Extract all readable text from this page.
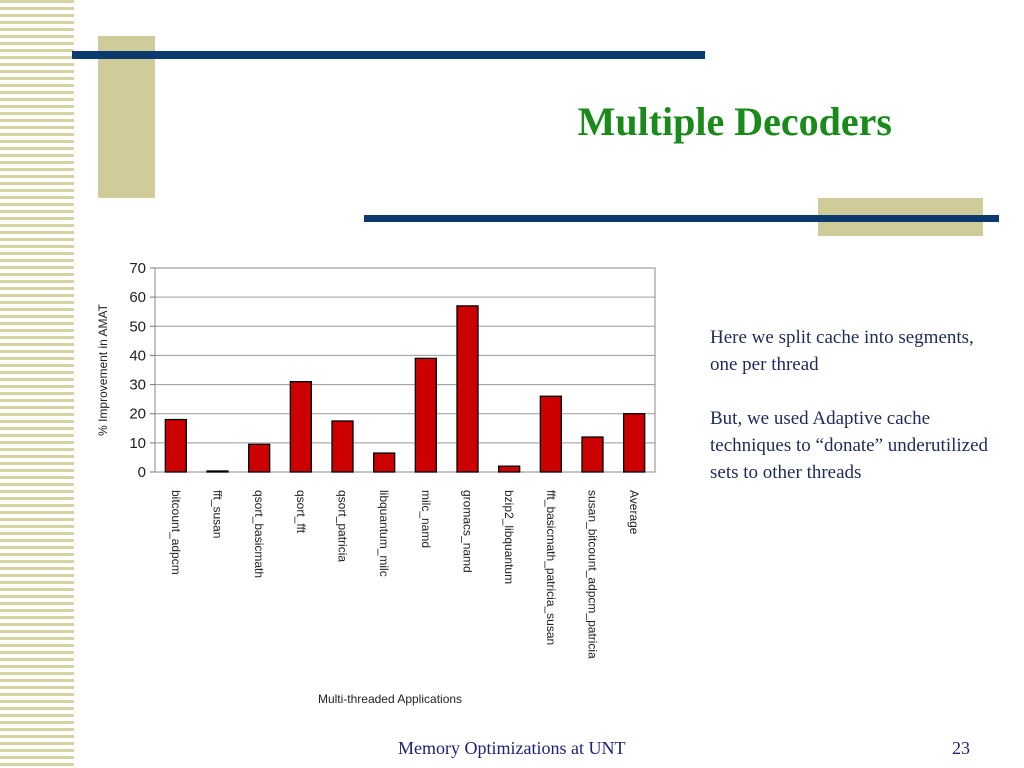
Multiple Decoders
0
10
20
30
40
50
60
70
bitcount_adpcm fft_susan qsort_basicmath qsort_fft qsort_patricia libquantum_milc milc_namd gromacs_namd bzip2_libquantum fft_basicmath_patricia_susan susan_bitcount_adpcm_patricia Average
% Improvement in AMAT
Multi-threaded Applications
Here we split cache into segments, one per thread
But, we used Adaptive cache techniques to “donate” underutilized sets to other threads
Memory Optimizations at UNT	23
